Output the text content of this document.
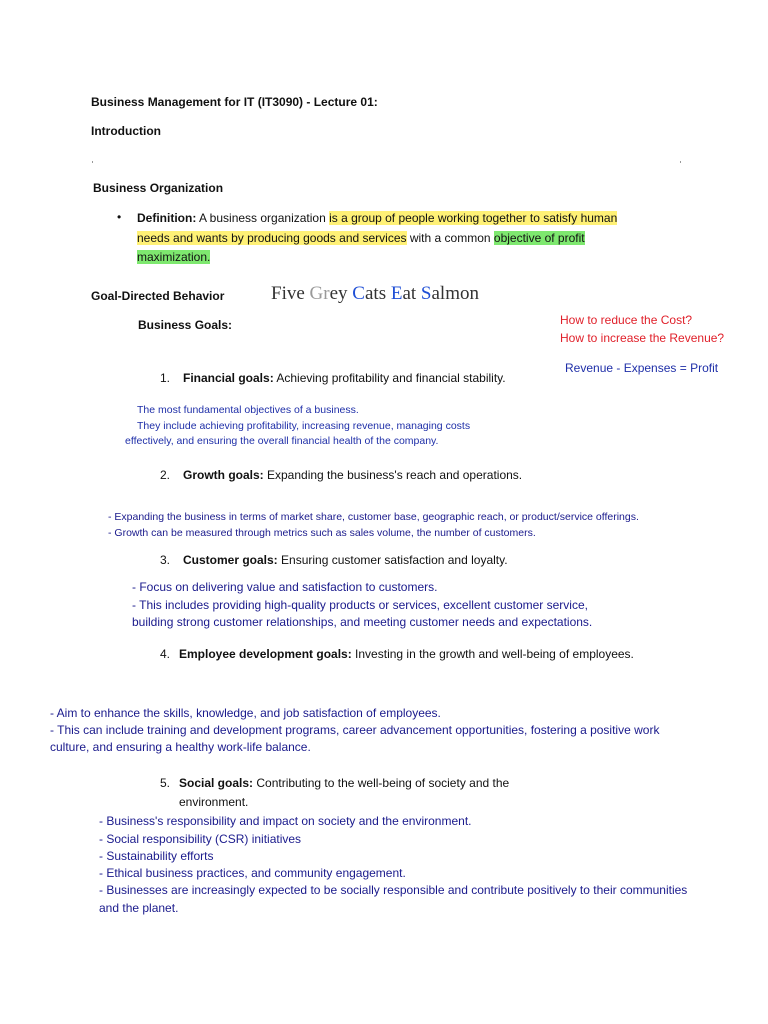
Business Management for IT (IT3090) - Lecture 01:
Introduction
Business Organization
• Definition: A business organization is a group of people working together to satisfy human
needs and wants by producing goods and services with a common objective of profit
maximization.
Goal-Directed Behavior Five Grey Cats Eat Salmon
Business Goals:	How to reduce the Cost?
How to increase the Revenue?
Revenue - Expenses = Profit
1. Financial goals: Achieving profitability and financial stability.
The most fundamental objectives of a business.
They include achieving profitability, increasing revenue, managing costs
effectively, and ensuring the overall financial health of the company.
2. Growth goals: Expanding the business's reach and operations.
- Expanding the business in terms of market share, customer base, geographic reach, or product/service offerings.
- Growth can be measured through metrics such as sales volume, the number of customers.
3. Customer goals: Ensuring customer satisfaction and loyalty.
- Focus on delivering value and satisfaction to customers.
- This includes providing high-quality products or services, excellent customer service,
building strong customer relationships, and meeting customer needs and expectations.
4. Employee development goals: Investing in the growth and well-being of employees.
- Aim to enhance the skills, knowledge, and job satisfaction of employees.
- This can include training and development programs, career advancement opportunities, fostering a positive work
culture, and ensuring a healthy work-life balance.
5. Social goals: Contributing to the well-being of society and the
environment.
- Business's responsibility and impact on society and the environment.
- Social responsibility (CSR) initiatives
- Sustainability efforts
- Ethical business practices, and community engagement.
- Businesses are increasingly expected to be socially responsible and contribute positively to their communities
and the planet.
